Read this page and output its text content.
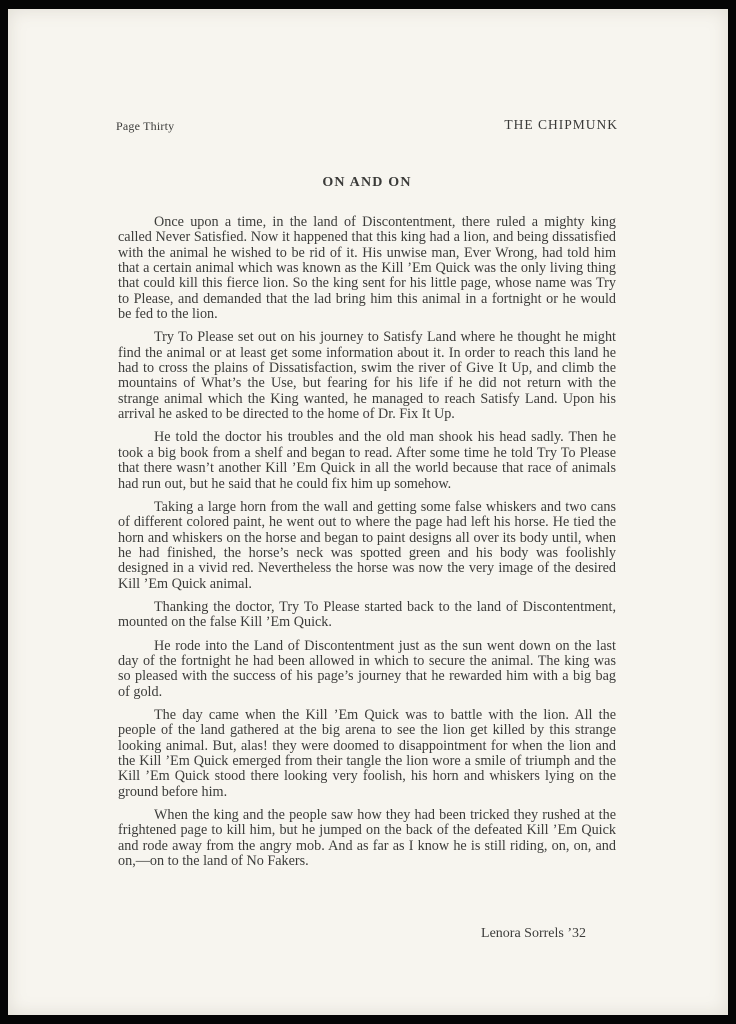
Page Thirty	THE CHIPMUNK
ON AND ON

Once upon a time, in the land of Discontentment, there ruled a mighty king called Never Satisfied. Now it happened that this king had a lion, and being dissatisfied with the animal he wished to be rid of it. His unwise man, Ever Wrong, had told him that a certain animal which was known as the Kill ’Em Quick was the only living thing that could kill this fierce lion. So the king sent for his little page, whose name was Try to Please, and demanded that the lad bring him this animal in a fortnight or he would be fed to the lion.

Try To Please set out on his journey to Satisfy Land where he thought he might find the animal or at least get some information about it. In order to reach this land he had to cross the plains of Dissatisfaction, swim the river of Give It Up, and climb the mountains of What’s the Use, but fearing for his life if he did not return with the strange animal which the King wanted, he managed to reach Satisfy Land. Upon his arrival he asked to be directed to the home of Dr. Fix It Up.

He told the doctor his troubles and the old man shook his head sadly. Then he took a big book from a shelf and began to read. After some time he told Try To Please that there wasn’t another Kill ’Em Quick in all the world because that race of animals had run out, but he said that he could fix him up somehow.

Taking a large horn from the wall and getting some false whiskers and two cans of different colored paint, he went out to where the page had left his horse. He tied the horn and whiskers on the horse and began to paint designs all over its body until, when he had finished, the horse’s neck was spotted green and his body was foolishly designed in a vivid red. Nevertheless the horse was now the very image of the desired Kill ’Em Quick animal.

Thanking the doctor, Try To Please started back to the land of Discontentment, mounted on the false Kill ’Em Quick.

He rode into the Land of Discontentment just as the sun went down on the last day of the fortnight he had been allowed in which to secure the animal. The king was so pleased with the success of his page’s journey that he rewarded him with a big bag of gold.

The day came when the Kill ’Em Quick was to battle with the lion. All the people of the land gathered at the big arena to see the lion get killed by this strange looking animal. But, alas! they were doomed to disappointment for when the lion and the Kill ’Em Quick emerged from their tangle the lion wore a smile of triumph and the Kill ’Em Quick stood there looking very foolish, his horn and whiskers lying on the ground before him.

When the king and the people saw how they had been tricked they rushed at the frightened page to kill him, but he jumped on the back of the defeated Kill ’Em Quick and rode away from the angry mob. And as far as I know he is still riding, on, on, and on,—on to the land of No Fakers.

Lenora Sorrels ’32
